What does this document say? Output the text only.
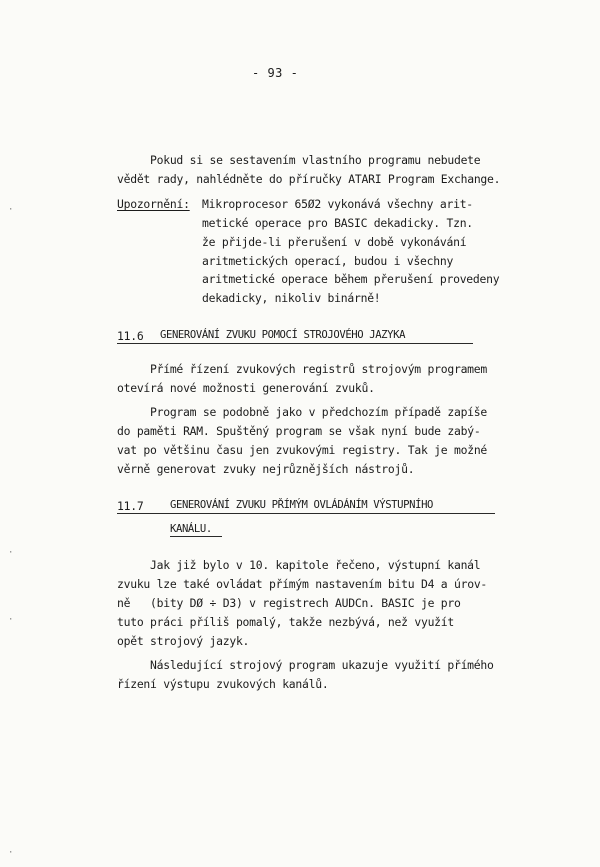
- 93 -
Pokud si se sestavením vlastního programu nebudete
vědět rady, nahlédněte do příručky ATARI Program Exchange.
Upozornění: Mikroprocesor 65Ø2 vykonává všechny arit-
metické operace pro BASIC dekadicky. Tzn.
že přijde-li přerušení v době vykonávání
aritmetických operací, budou i všechny
aritmetické operace během přerušení provedeny
dekadicky, nikoliv binárně!
11.6 GENEROVÁNÍ ZVUKU POMOCÍ STROJOVÉHO JAZYKA
Přímé řízení zvukových registrů strojovým programem
otevírá nové možnosti generování zvuků.
Program se podobně jako v předchozím případě zapíše
do paměti RAM. Spuštěný program se však nyní bude zabý-
vat po většinu času jen zvukovými registry. Tak je možné
věrně generovat zvuky nejrůznějších nástrojů.
11.7	GENEROVÁNÍ ZVUKU PŘÍMÝM OVLÁDÁNÍM VÝSTUPNÍHO
KANÁLU.
Jak již bylo v 10. kapitole řečeno, výstupní kanál
zvuku lze také ovládat přímým nastavením bitu D4 a úrov-
ně   (bity DØ ÷ D3) v registrech AUDCn. BASIC je pro
tuto práci příliš pomalý, takže nezbývá, než využít
opět strojový jazyk.
Následující strojový program ukazuje využití přímého
řízení výstupu zvukových kanálů.
·
·
·
·
